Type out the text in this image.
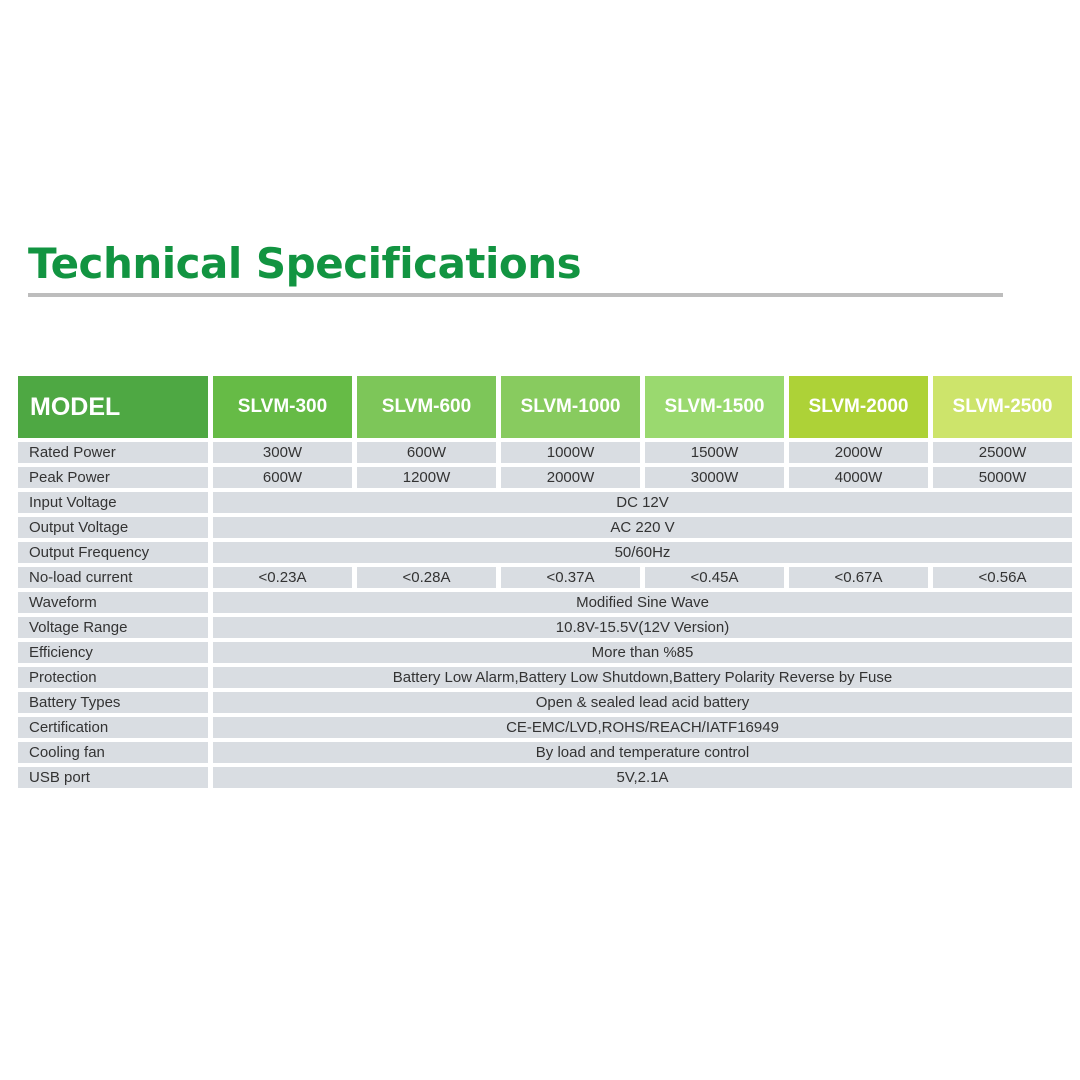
Technical Specifications
MODEL	SLVM-300	SLVM-600	SLVM-1000	SLVM-1500	SLVM-2000	SLVM-2500
Rated Power	300W	600W	1000W	1500W	2000W	2500W
Peak Power	600W	1200W	2000W	3000W	4000W	5000W
Input Voltage	DC 12V
Output Voltage	AC 220 V
Output Frequency	50/60Hz
No-load current	<0.23A	<0.28A	<0.37A	<0.45A	<0.67A	<0.56A
Waveform	Modified Sine Wave
Voltage Range	10.8V-15.5V(12V Version)
Efficiency	More than %85
Protection	Battery Low Alarm,Battery Low Shutdown,Battery Polarity Reverse by Fuse
Battery Types	Open & sealed lead acid battery
Certification	CE-EMC/LVD,ROHS/REACH/IATF16949
Cooling fan	By load and temperature control
USB port	5V,2.1A
